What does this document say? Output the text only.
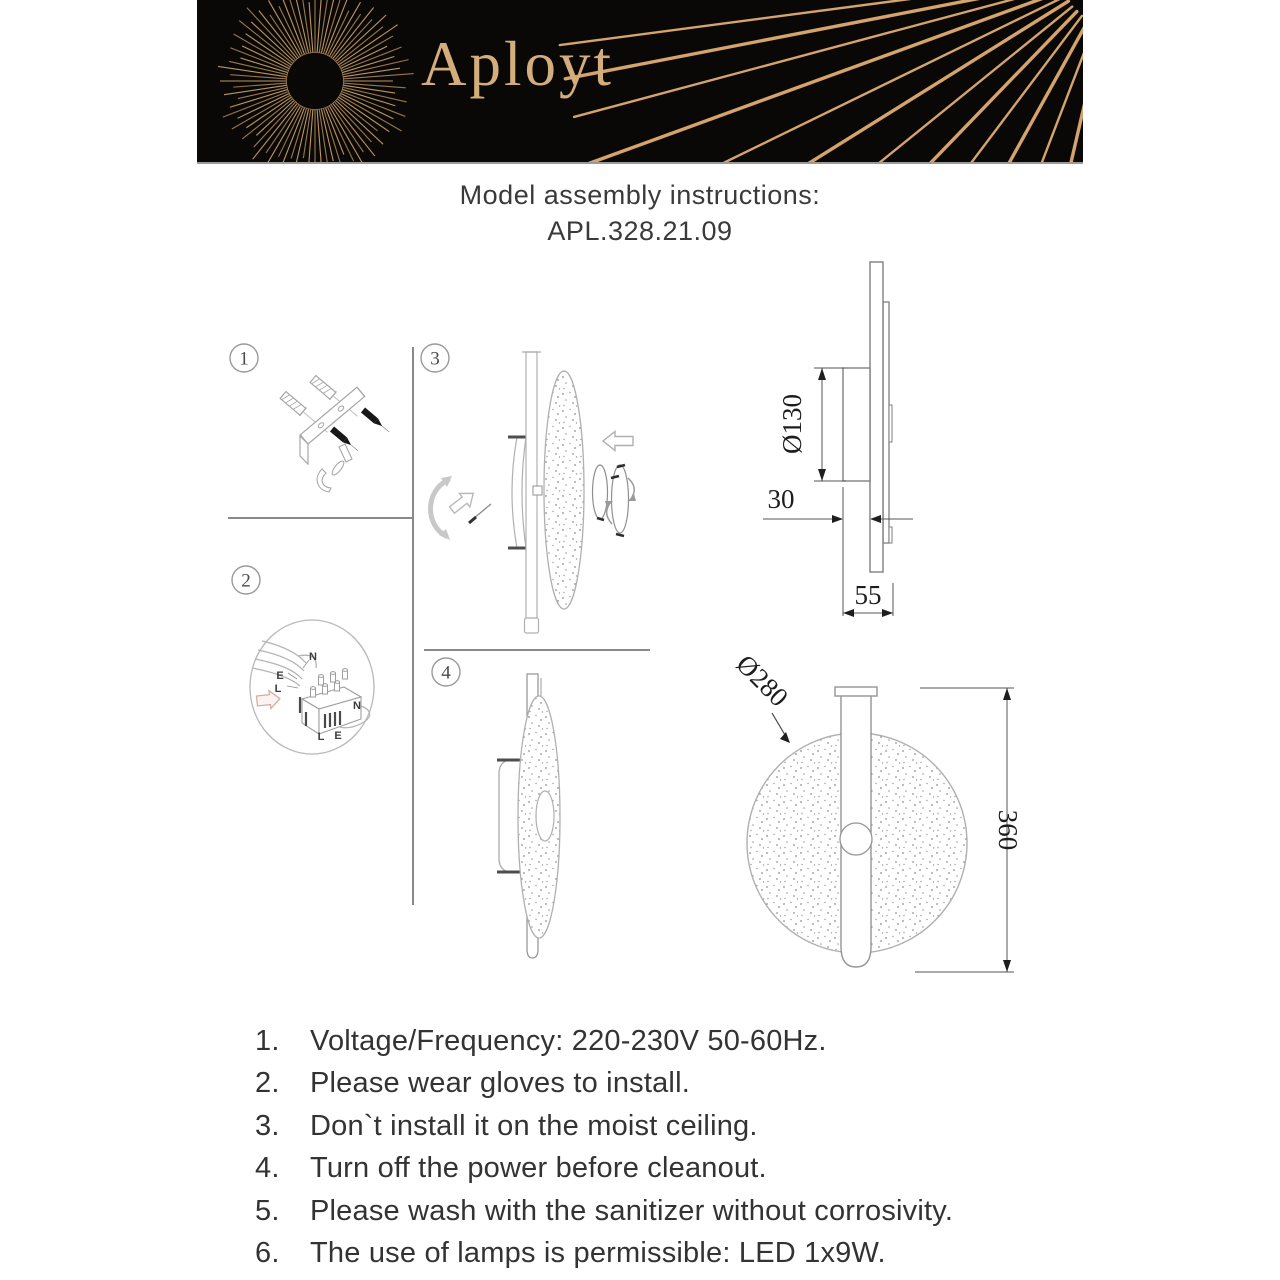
Aployt
Model assembly instructions:
APL.328.21.09
1
2
3
4
N
E
L
L E
N
Ø130
30
55
Ø280
360
1.	Voltage/Frequency: 220-230V 50-60Hz.
2.	Please wear gloves to install.
3.	Don`t install it on the moist ceiling.
4.	Turn off the power before cleanout.
5.	Please wash with the sanitizer without corrosivity.
6.	The use of lamps is permissible: LED 1x9W.
